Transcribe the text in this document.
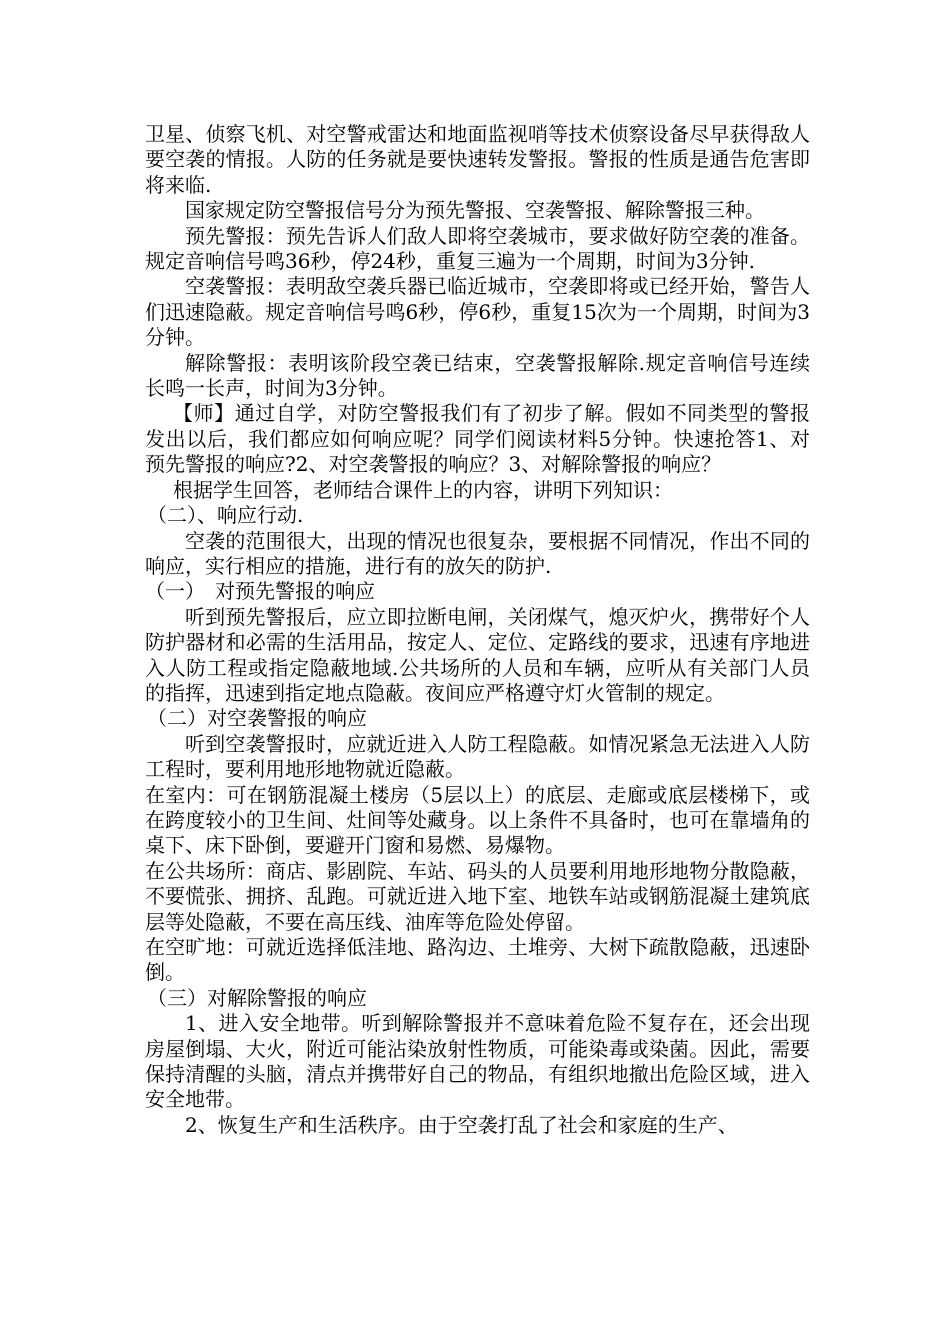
卫星、侦察飞机、对空警戒雷达和地面监视哨等技术侦察设备尽早获得敌人要空袭的情报。人防的任务就是要快速转发警报。警报的性质是通告危害即将来临.

国家规定防空警报信号分为预先警报、空袭警报、解除警报三种。

预先警报：预先告诉人们敌人即将空袭城市，要求做好防空袭的准备。规定音响信号鸣36秒，停24秒，重复三遍为一个周期，时间为3分钟.

空袭警报：表明敌空袭兵器已临近城市，空袭即将或已经开始，警告人们迅速隐蔽。规定音响信号鸣6秒，停6秒，重复15次为一个周期，时间为3分钟。

解除警报：表明该阶段空袭已结束，空袭警报解除.规定音响信号连续长鸣一长声，时间为3分钟。

【师】通过自学，对防空警报我们有了初步了解。假如不同类型的警报发出以后，我们都应如何响应呢？同学们阅读材料5分钟。快速抢答1、对预先警报的响应?2、对空袭警报的响应？3、对解除警报的响应？

根据学生回答，老师结合课件上的内容，讲明下列知识：

（二）、响应行动.

空袭的范围很大，出现的情况也很复杂，要根据不同情况，作出不同的响应，实行相应的措施，进行有的放矢的防护.

（一）　对预先警报的响应

听到预先警报后，应立即拉断电闸，关闭煤气，熄灭炉火，携带好个人防护器材和必需的生活用品，按定人、定位、定路线的要求，迅速有序地进入人防工程或指定隐蔽地域.公共场所的人员和车辆，应听从有关部门人员的指挥，迅速到指定地点隐蔽。夜间应严格遵守灯火管制的规定。

（二）对空袭警报的响应

听到空袭警报时，应就近进入人防工程隐蔽。如情况紧急无法进入人防工程时，要利用地形地物就近隐蔽。

在室内：可在钢筋混凝土楼房（5层以上）的底层、走廊或底层楼梯下，或在跨度较小的卫生间、灶间等处藏身。以上条件不具备时，也可在靠墙角的桌下、床下卧倒，要避开门窗和易燃、易爆物。

在公共场所：商店、影剧院、车站、码头的人员要利用地形地物分散隐蔽，不要慌张、拥挤、乱跑。可就近进入地下室、地铁车站或钢筋混凝土建筑底层等处隐蔽，不要在高压线、油库等危险处停留。

在空旷地：可就近选择低洼地、路沟边、土堆旁、大树下疏散隐蔽，迅速卧倒。

（三）对解除警报的响应

1、进入安全地带。听到解除警报并不意味着危险不复存在，还会出现房屋倒塌、大火，附近可能沾染放射性物质，可能染毒或染菌。因此，需要保持清醒的头脑，清点并携带好自己的物品，有组织地撤出危险区域，进入安全地带。

2、恢复生产和生活秩序。由于空袭打乱了社会和家庭的生产、
